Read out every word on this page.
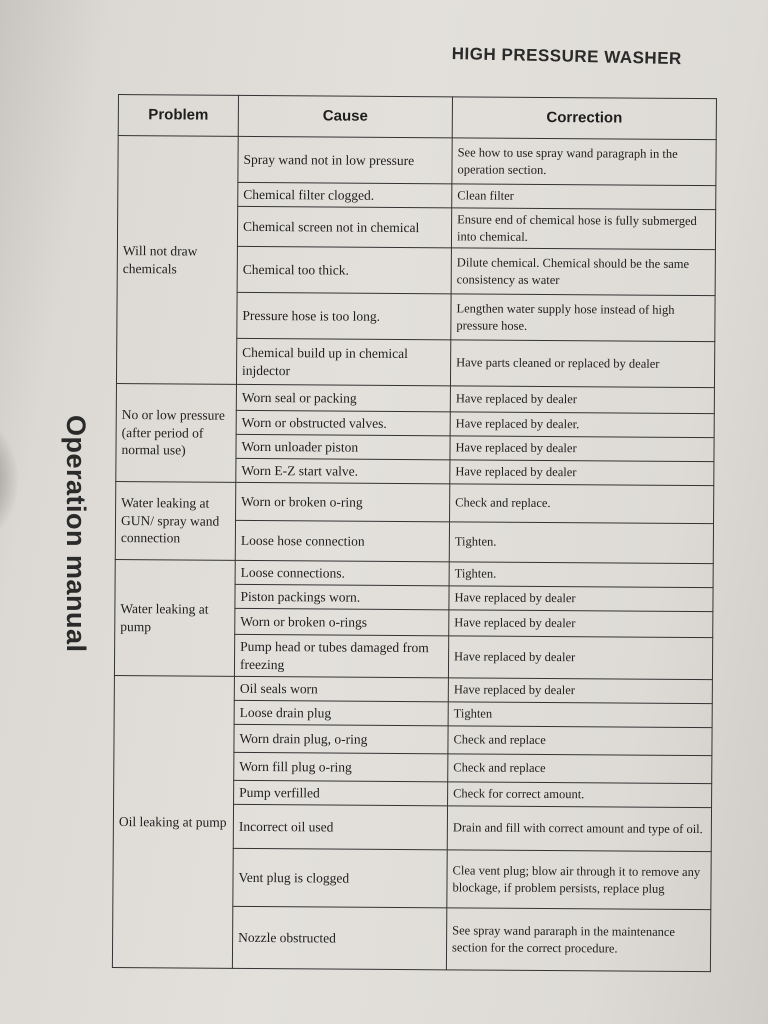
HIGH PRESSURE WASHER
Operation manual
Problem	Cause	Correction
Will not draw chemicals	Spray wand not in low pressure	See how to use spray wand paragraph in the operation section.
	Chemical filter clogged.	Clean filter
	Chemical screen not in chemical	Ensure end of chemical hose is fully submerged into chemical.
	Chemical too thick.	Dilute chemical. Chemical should be the same consistency as water
	Pressure hose is too long.	Lengthen water supply hose instead of high pressure hose.
	Chemical build up in chemical injdector	Have parts cleaned or replaced by dealer
No or low pressure (after period of normal use)	Worn seal or packing	Have replaced by dealer
	Worn or obstructed valves.	Have replaced by dealer.
	Worn unloader piston	Have replaced by dealer
	Worn E-Z start valve.	Have replaced by dealer
Water leaking at GUN/ spray wand connection	Worn or broken o-ring	Check and replace.
	Loose hose connection	Tighten.
Water leaking at pump	Loose connections.	Tighten.
	Piston packings worn.	Have replaced by dealer
	Worn or broken o-rings	Have replaced by dealer
	Pump head or tubes damaged from freezing	Have replaced by dealer
Oil leaking at pump	Oil seals worn	Have replaced by dealer
	Loose drain plug	Tighten
	Worn drain plug, o-ring	Check and replace
	Worn fill plug o-ring	Check and replace
	Pump verfilled	Check for correct amount.
	Incorrect oil used	Drain and fill with correct amount and type of oil.
	Vent plug is clogged	Clea vent plug; blow air through it to remove any blockage, if problem persists, replace plug
	Nozzle obstructed	See spray wand pararaph in the maintenance section for the correct procedure.
